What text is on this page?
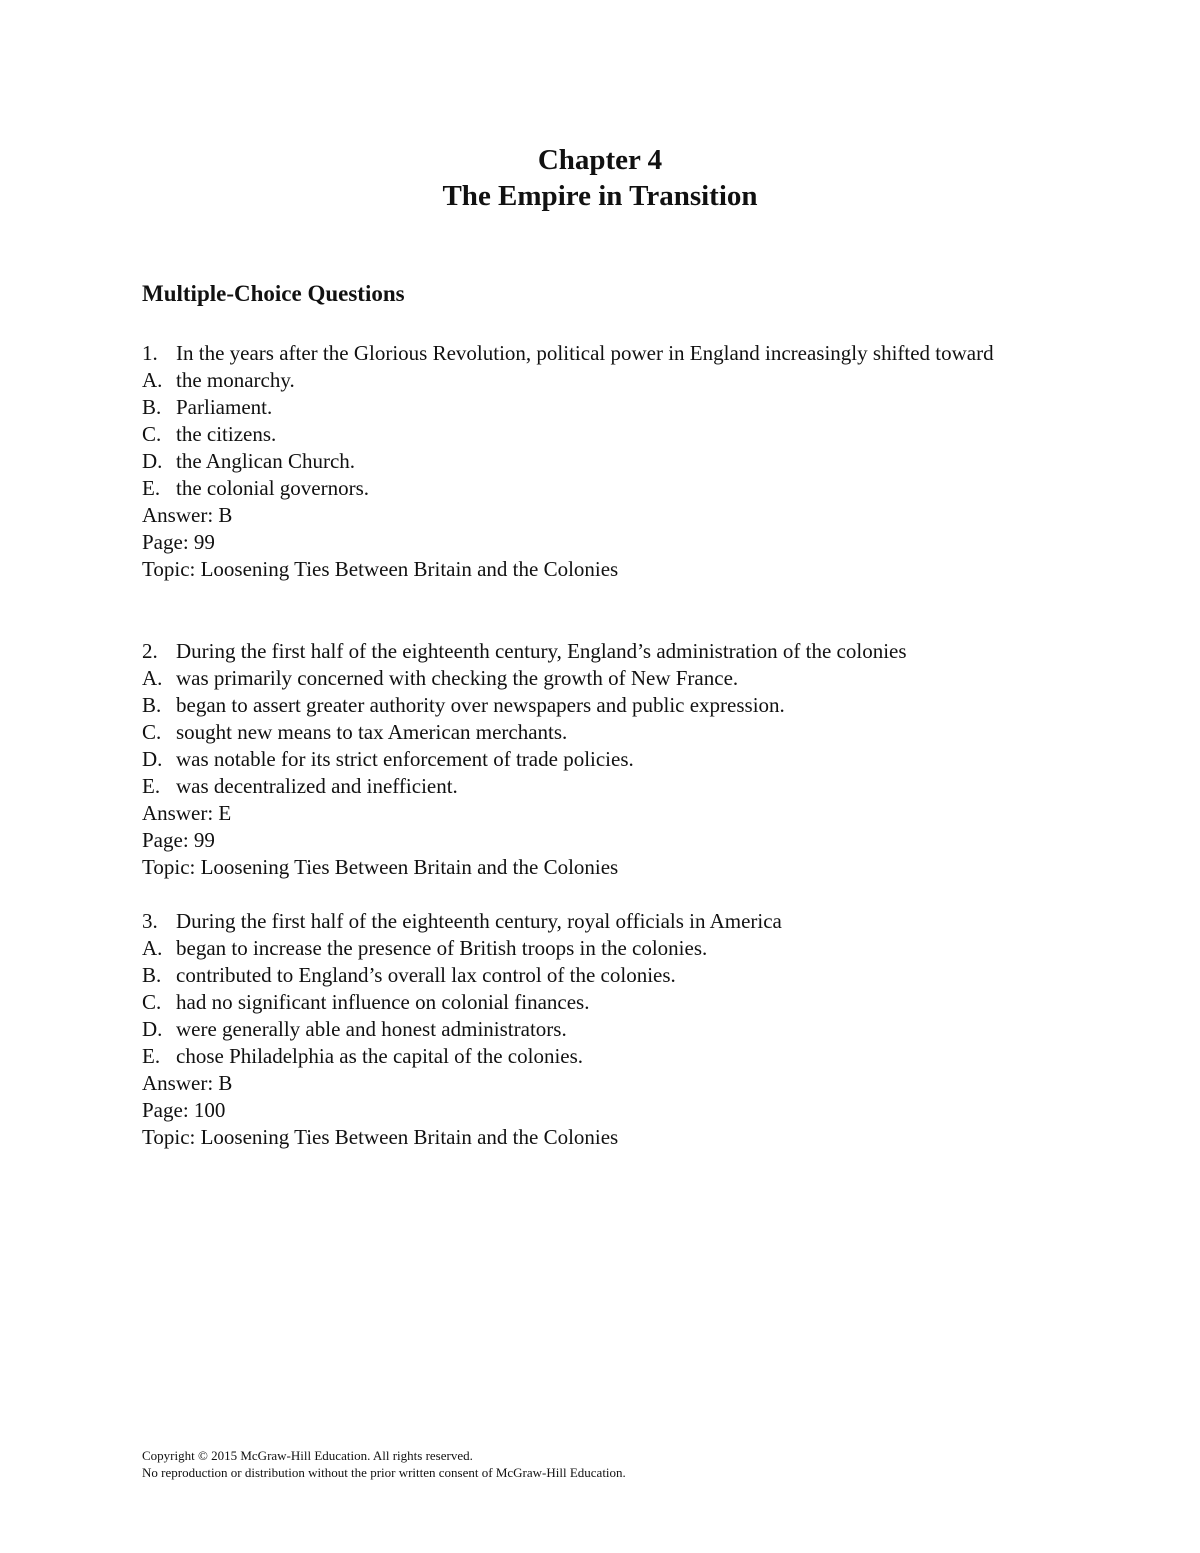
Chapter 4
The Empire in Transition
Multiple-Choice Questions
1. In the years after the Glorious Revolution, political power in England increasingly shifted toward
A. the monarchy.
B. Parliament.
C. the citizens.
D. the Anglican Church.
E. the colonial governors.
Answer: B
Page: 99
Topic: Loosening Ties Between Britain and the Colonies
2. During the first half of the eighteenth century, England’s administration of the colonies
A. was primarily concerned with checking the growth of New France.
B. began to assert greater authority over newspapers and public expression.
C. sought new means to tax American merchants.
D. was notable for its strict enforcement of trade policies.
E. was decentralized and inefficient.
Answer: E
Page: 99
Topic: Loosening Ties Between Britain and the Colonies
3. During the first half of the eighteenth century, royal officials in America
A. began to increase the presence of British troops in the colonies.
B. contributed to England’s overall lax control of the colonies.
C. had no significant influence on colonial finances.
D. were generally able and honest administrators.
E. chose Philadelphia as the capital of the colonies.
Answer: B
Page: 100
Topic: Loosening Ties Between Britain and the Colonies
Copyright © 2015 McGraw-Hill Education. All rights reserved.
No reproduction or distribution without the prior written consent of McGraw-Hill Education.
